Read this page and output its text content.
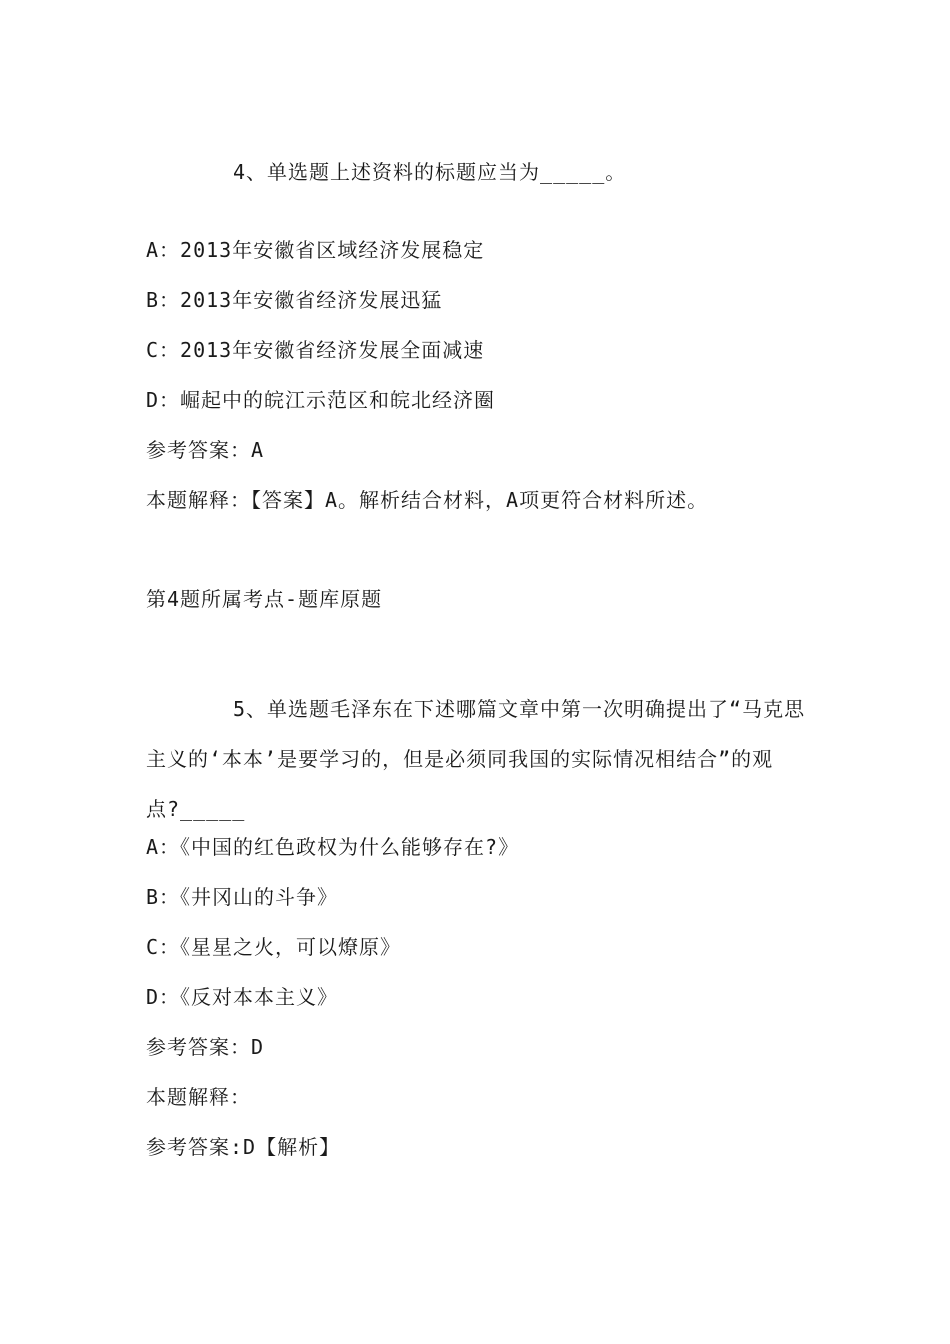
4、单选题上述资料的标题应当为_____。
A：2013年安徽省区域经济发展稳定
B：2013年安徽省经济发展迅猛
C：2013年安徽省经济发展全面减速
D：崛起中的皖江示范区和皖北经济圈
参考答案：A
本题解释：【答案】A。解析结合材料，A项更符合材料所述。
第4题所属考点-题库原题
5、单选题毛泽东在下述哪篇文章中第一次明确提出了“马克思主义的‘本本’是要学习的，但是必须同我国的实际情况相结合”的观点?_____
A：《中国的红色政权为什么能够存在?》
B：《井冈山的斗争》
C：《星星之火，可以燎原》
D：《反对本本主义》
参考答案：D
本题解释：
参考答案:D【解析】
